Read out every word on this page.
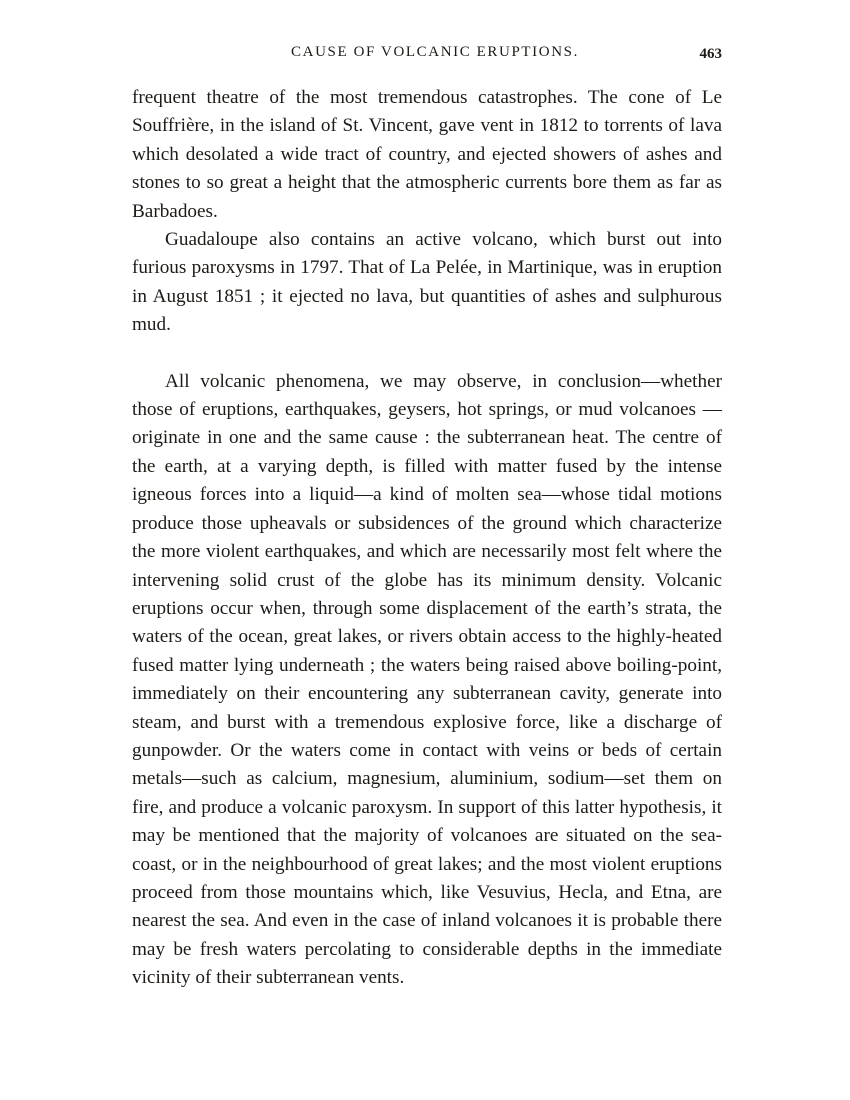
CAUSE OF VOLCANIC ERUPTIONS.	463

frequent theatre of the most tremendous catastrophes. The cone of Le Souffrière, in the island of St. Vincent, gave vent in 1812 to torrents of lava which desolated a wide tract of country, and ejected showers of ashes and stones to so great a height that the atmospheric currents bore them as far as Barbadoes.

Guadaloupe also contains an active volcano, which burst out into furious paroxysms in 1797. That of La Pelée, in Martinique, was in eruption in August 1851 ; it ejected no lava, but quantities of ashes and sulphurous mud.

All volcanic phenomena, we may observe, in conclusion—whether those of eruptions, earthquakes, geysers, hot springs, or mud volcanoes —originate in one and the same cause : the subterranean heat. The centre of the earth, at a varying depth, is filled with matter fused by the intense igneous forces into a liquid—a kind of molten sea—whose tidal motions produce those upheavals or subsidences of the ground which characterize the more violent earthquakes, and which are necessarily most felt where the intervening solid crust of the globe has its minimum density. Volcanic eruptions occur when, through some displacement of the earth’s strata, the waters of the ocean, great lakes, or rivers obtain access to the highly-heated fused matter lying underneath ; the waters being raised above boiling-point, immediately on their encountering any subterranean cavity, generate into steam, and burst with a tremendous explosive force, like a discharge of gunpowder. Or the waters come in contact with veins or beds of certain metals—such as calcium, magnesium, aluminium, sodium—set them on fire, and produce a volcanic paroxysm. In support of this latter hypothesis, it may be mentioned that the majority of volcanoes are situated on the sea-coast, or in the neighbourhood of great lakes; and the most violent eruptions proceed from those mountains which, like Vesuvius, Hecla, and Etna, are nearest the sea. And even in the case of inland volcanoes it is probable there may be fresh waters percolating to considerable depths in the immediate vicinity of their subterranean vents.
